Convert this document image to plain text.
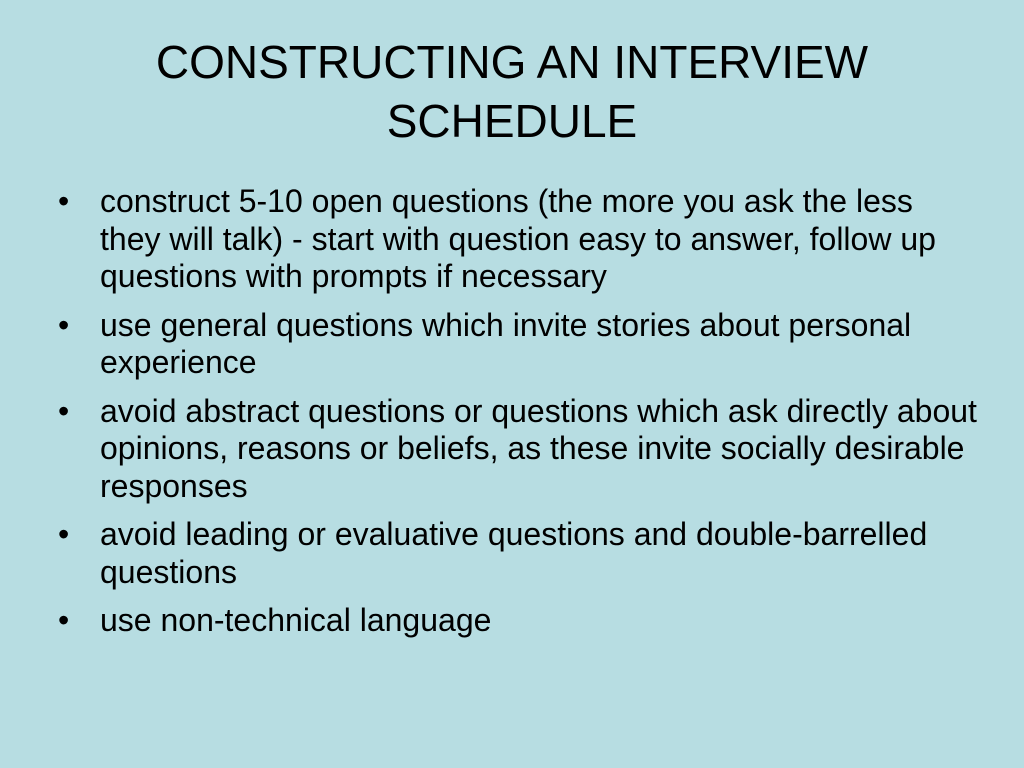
CONSTRUCTING AN INTERVIEW
SCHEDULE
• construct 5-10 open questions (the more you ask the less they will talk) - start with question easy to answer, follow up questions with prompts if necessary
• use general questions which invite stories about personal experience
• avoid abstract questions or questions which ask directly about opinions, reasons or beliefs, as these invite socially desirable responses
• avoid leading or evaluative questions and double-barrelled questions
• use non-technical language
